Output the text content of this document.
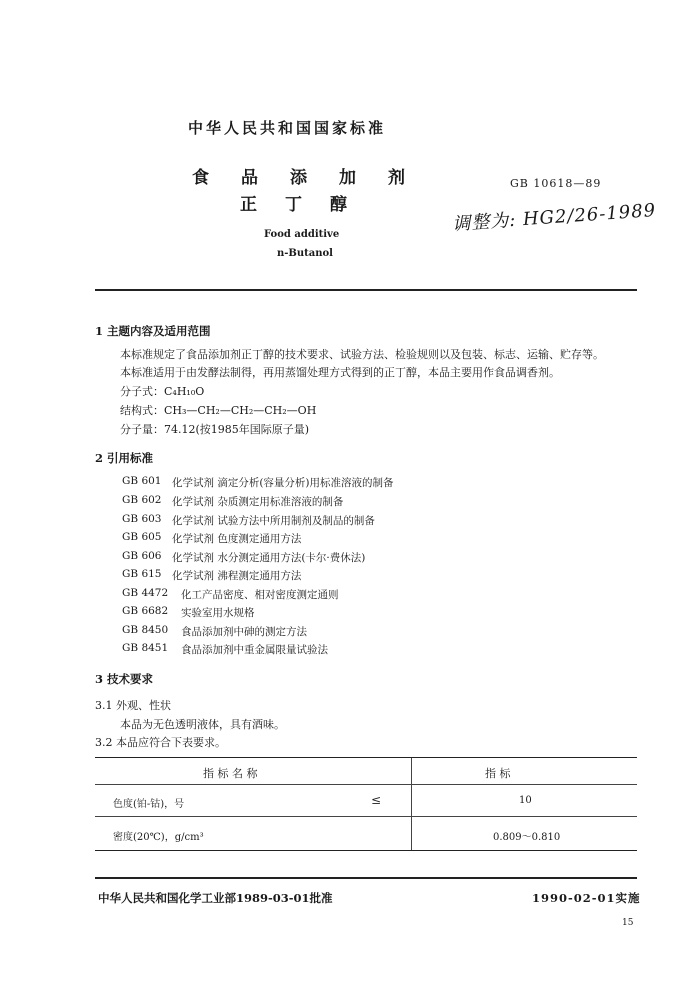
中华人民共和国国家标准
食品添加剂
正丁醇
GB 10618—89
调整为: HG2/26-1989
Food additive
n-Butanol
1 主题内容及适用范围
本标准规定了食品添加剂正丁醇的技术要求、试验方法、检验规则以及包装、标志、运输、贮存等。
本标准适用于由发酵法制得，再用蒸馏处理方式得到的正丁醇，本品主要用作食品调香剂。
分子式：C₄H₁₀O
结构式：CH₃—CH₂—CH₂—CH₂—OH
分子量：74.12(按1985年国际原子量)
2 引用标准
GB 601 化学试剂 滴定分析(容量分析)用标准溶液的制备
GB 602 化学试剂 杂质测定用标准溶液的制备
GB 603 化学试剂 试验方法中所用制剂及制品的制备
GB 605 化学试剂 色度测定通用方法
GB 606 化学试剂 水分测定通用方法(卡尔·费休法)
GB 615 化学试剂 沸程测定通用方法
GB 4472 化工产品密度、相对密度测定通则
GB 6682 实验室用水规格
GB 8450 食品添加剂中砷的测定方法
GB 8451 食品添加剂中重金属限量试验法
3 技术要求
3.1 外观、性状
本品为无色透明液体，具有酒味。
3.2 本品应符合下表要求。
指 标 名 称	指 标
色度(铂-钴)，号	≤	10
密度(20℃)，g/cm³	0.809～0.810
中华人民共和国化学工业部1989-03-01批准	1990-02-01实施
15
